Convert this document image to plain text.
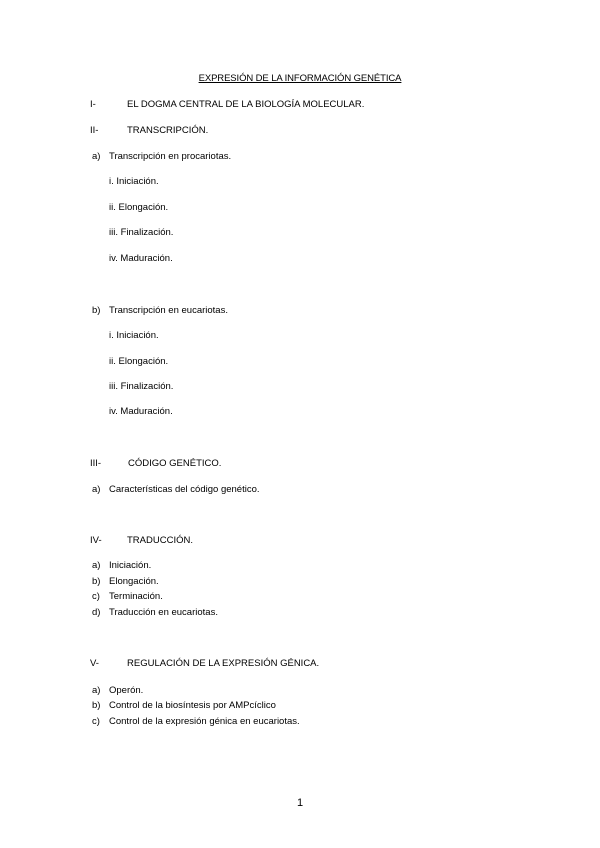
EXPRESIÓN DE LA INFORMACIÓN GENÉTICA
I-	EL DOGMA CENTRAL DE LA BIOLOGÍA MOLECULAR.
II-	TRANSCRIPCIÓN.
a) Transcripción en procariotas.
i. Iniciación.
ii. Elongación.
iii. Finalización.
iv. Maduración.
b) Transcripción en eucariotas.
i. Iniciación.
ii. Elongación.
iii. Finalización.
iv. Maduración.
III-	CÓDIGO GENÉTICO.
a) Características del código genético.
IV-	TRADUCCIÓN.
a) Iniciación.
b) Elongación.
c) Terminación.
d) Traducción en eucariotas.
V-	REGULACIÓN DE LA EXPRESIÓN GÉNICA.
a) Operón.
b) Control de la biosíntesis por AMPcíclico
c) Control de la expresión génica en eucariotas.
1
